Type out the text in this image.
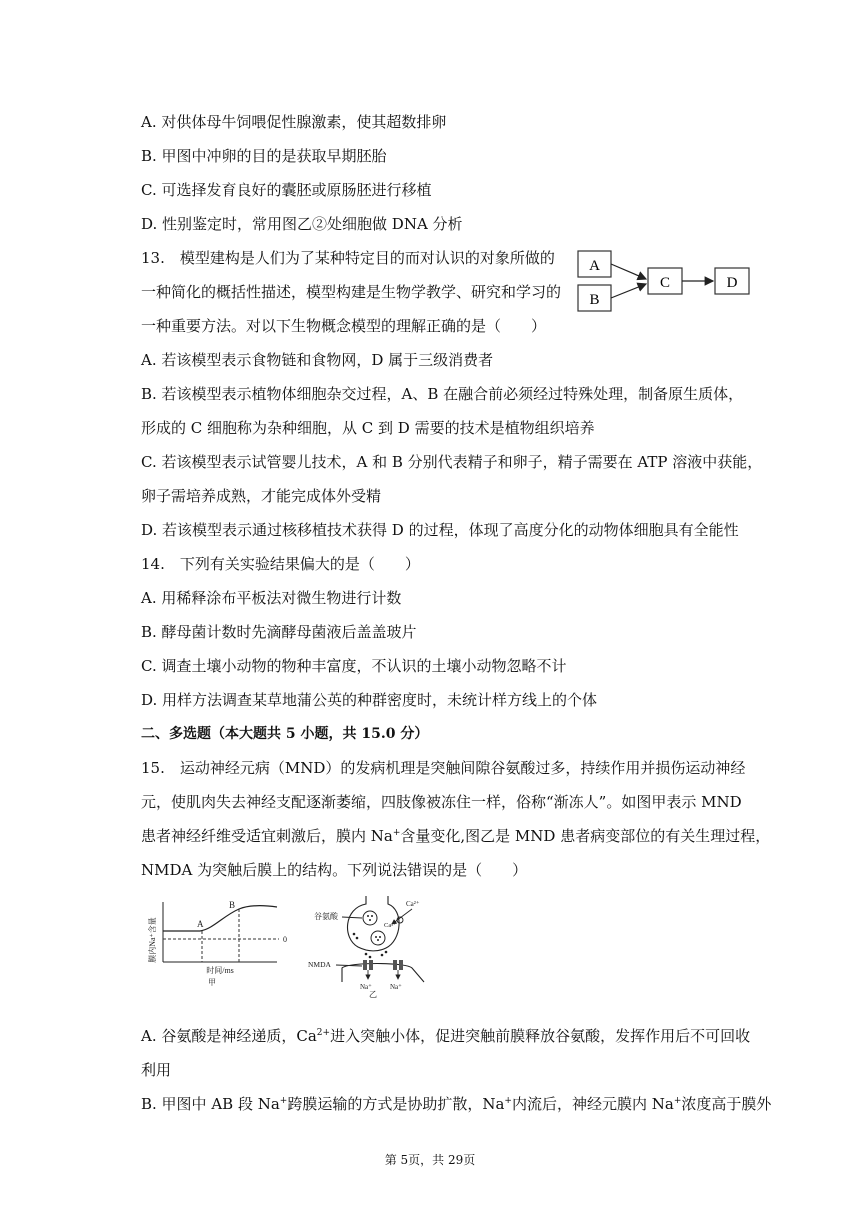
A. 对供体母牛饲喂促性腺激素，使其超数排卵
B. 甲图中冲卵的目的是获取早期胚胎
C. 可选择发育良好的囊胚或原肠胚进行移植
D. 性别鉴定时，常用图乙②处细胞做 DNA 分析
13.　模型建构是人们为了某种特定目的而对认识的对象所做的
一种简化的概括性描述，模型构建是生物学教学、研究和学习的
一种重要方法。对以下生物概念模型的理解正确的是（　　）
A
B
C	D
A. 若该模型表示食物链和食物网，D 属于三级消费者
B. 若该模型表示植物体细胞杂交过程，A、B 在融合前必须经过特殊处理，制备原生质体，
形成的 C 细胞称为杂种细胞，从 C 到 D 需要的技术是植物组织培养
C. 若该模型表示试管婴儿技术，A 和 B 分别代表精子和卵子，精子需要在 ATP 溶液中获能，
卵子需培养成熟，才能完成体外受精
D. 若该模型表示通过核移植技术获得 D 的过程，体现了高度分化的动物体细胞具有全能性
14.　下列有关实验结果偏大的是（　　）
A. 用稀释涂布平板法对微生物进行计数
B. 酵母菌计数时先滴酵母菌液后盖盖玻片
C. 调查土壤小动物的物种丰富度，不认识的土壤小动物忽略不计
D. 用样方法调查某草地蒲公英的种群密度时，未统计样方线上的个体
二、多选题（本大题共 5 小题，共 15.0 分）
15.　运动神经元病（MND）的发病机理是突触间隙谷氨酸过多，持续作用并损伤运动神经
元，使肌肉失去神经支配逐渐萎缩，四肢像被冻住一样，俗称“渐冻人”。如图甲表示 MND
患者神经纤维受适宜刺激后，膜内 Na+含量变化,图乙是 MND 患者病变部位的有关生理过程，
NMDA 为突触后膜上的结构。下列说法错误的是（　　）
膜内Na⁺含量	0
A
B
时间/ms
甲
Ca²⁺
Ca²⁺
谷氨酸
NMDA
Na⁺	Na⁺
乙
A. 谷氨酸是神经递质，$Ca^{2+}$进入突触小体，促进突触前膜释放谷氨酸，发挥作用后不可回收
利用
B. 甲图中 AB 段 Na+跨膜运输的方式是协助扩散，Na+内流后，神经元膜内 Na+浓度高于膜外
第 5页，共 29页
